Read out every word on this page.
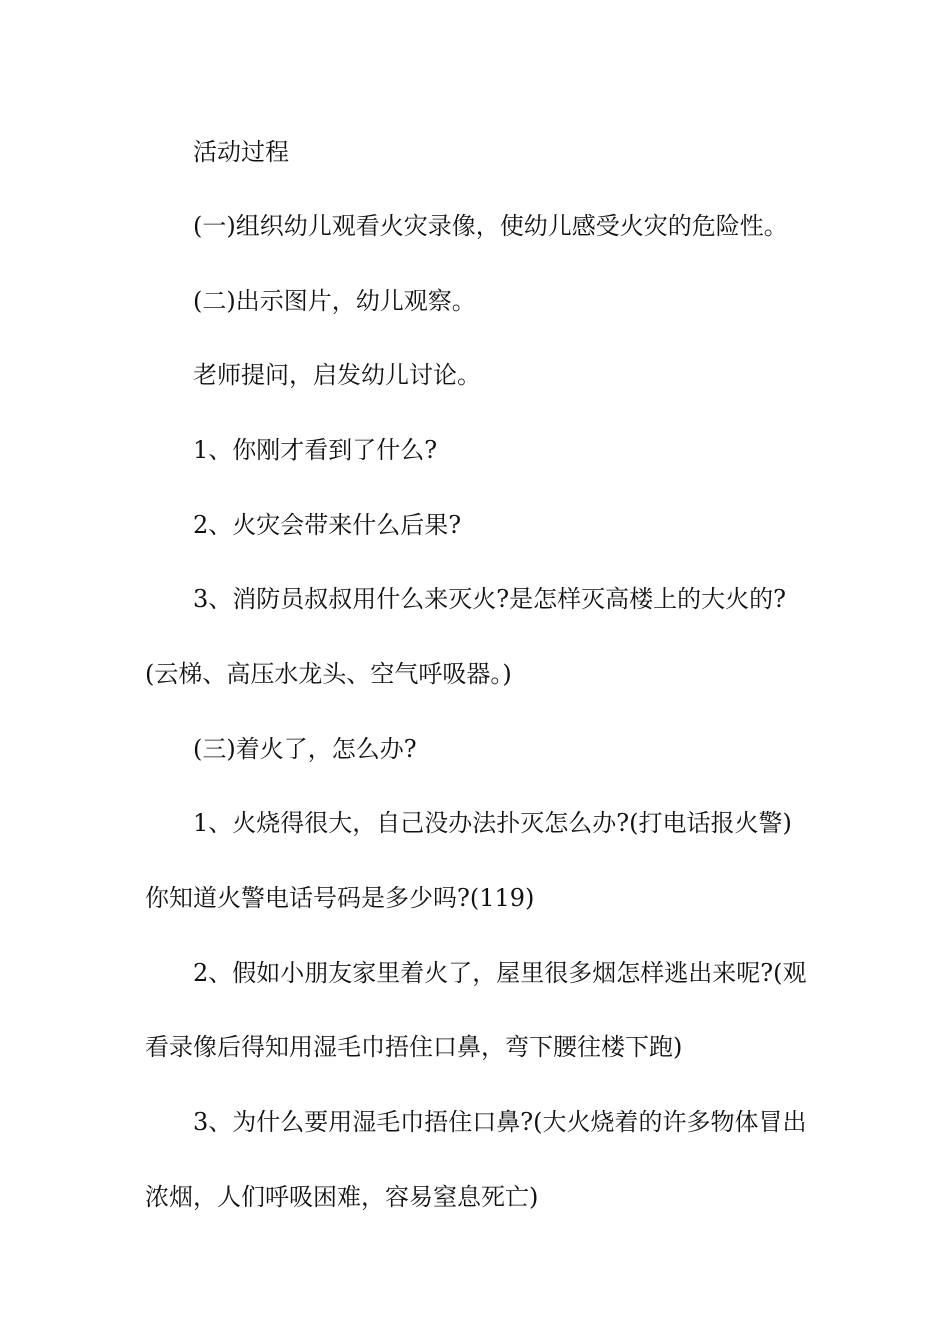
活动过程
(一)组织幼儿观看火灾录像，使幼儿感受火灾的危险性。
(二)出示图片，幼儿观察。
老师提问，启发幼儿讨论。
1、你刚才看到了什么?
2、火灾会带来什么后果?
3、消防员叔叔用什么来灭火?是怎样灭高楼上的大火的?
(云梯、高压水龙头、空气呼吸器。)
(三)着火了，怎么办?
1、火烧得很大，自己没办法扑灭怎么办?(打电话报火警)
你知道火警电话号码是多少吗?(119)
2、假如小朋友家里着火了，屋里很多烟怎样逃出来呢?(观
看录像后得知用湿毛巾捂住口鼻，弯下腰往楼下跑)
3、为什么要用湿毛巾捂住口鼻?(大火烧着的许多物体冒出
浓烟，人们呼吸困难，容易窒息死亡)
